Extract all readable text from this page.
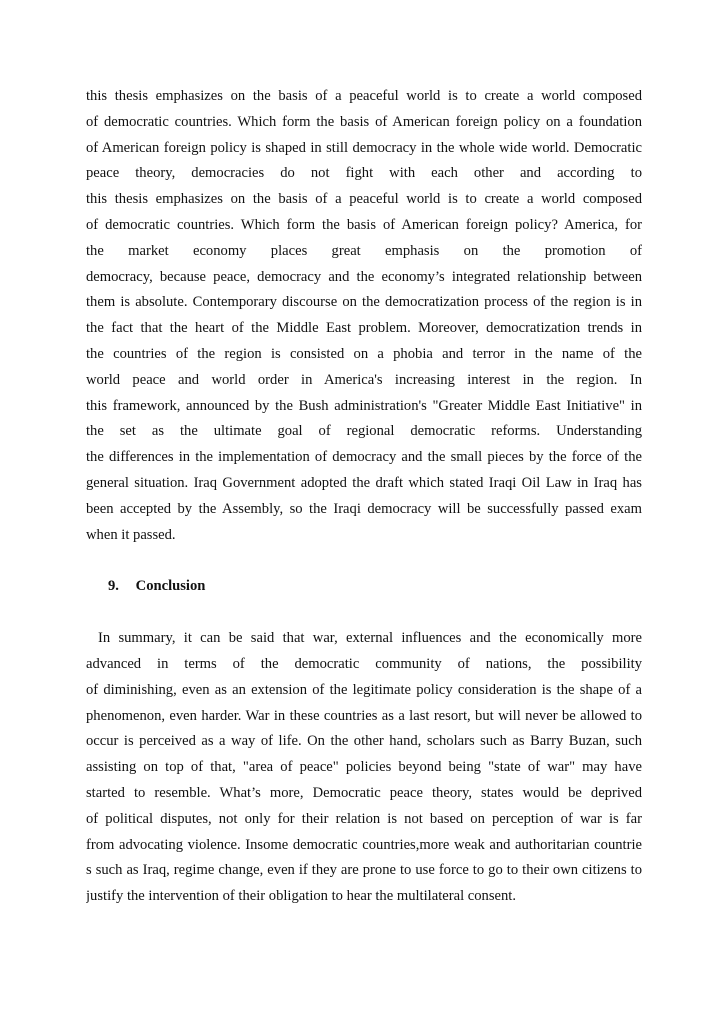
this thesis emphasizes on the basis of a peaceful world is to create a world composed
of democratic countries. Which form the basis of American foreign policy on a foundation
of American foreign policy is shaped in still democracy in the whole wide world. Democratic
peace theory, democracies do not fight with each other and according to
this thesis emphasizes on the basis of a peaceful world is to create a world composed
of democratic countries. Which form the basis of American foreign policy? America, for
the market economy places great emphasis on the promotion of
democracy, because peace, democracy and the economy’s integrated relationship between
them is absolute. Contemporary discourse on the democratization process of the region is in
the fact that the heart of the Middle East problem. Moreover, democratization trends in
the countries of the region is consisted on a phobia and terror in the name of the
world peace and world order in America's increasing interest in the region. In
this framework, announced by the Bush administration's "Greater Middle East Initiative" in
the set as the ultimate goal of regional democratic reforms. Understanding
the differences in the implementation of democracy and the small pieces by the force of the
general situation. Iraq Government adopted the draft which stated Iraqi Oil Law in Iraq has
been accepted by the Assembly, so the Iraqi democracy will be successfully passed exam
when it passed.
9. Conclusion
In summary, it can be said that war, external influences and the economically more
advanced in terms of the democratic community of nations, the possibility
of diminishing, even as an extension of the legitimate policy consideration is the shape of a
phenomenon, even harder. War in these countries as a last resort, but will never be allowed to
occur is perceived as a way of life. On the other hand, scholars such as Barry Buzan, such
assisting on top of that, "area of peace" policies beyond being "state of war" may have
started to resemble. What’s more, Democratic peace theory, states would be deprived
of political disputes, not only for their relation is not based on perception of war is far
from advocating violence. Insome democratic countries,more weak and authoritarian countrie
s such as Iraq, regime change, even if they are prone to use force to go to their own citizens to
justify the intervention of their obligation to hear the multilateral consent.
